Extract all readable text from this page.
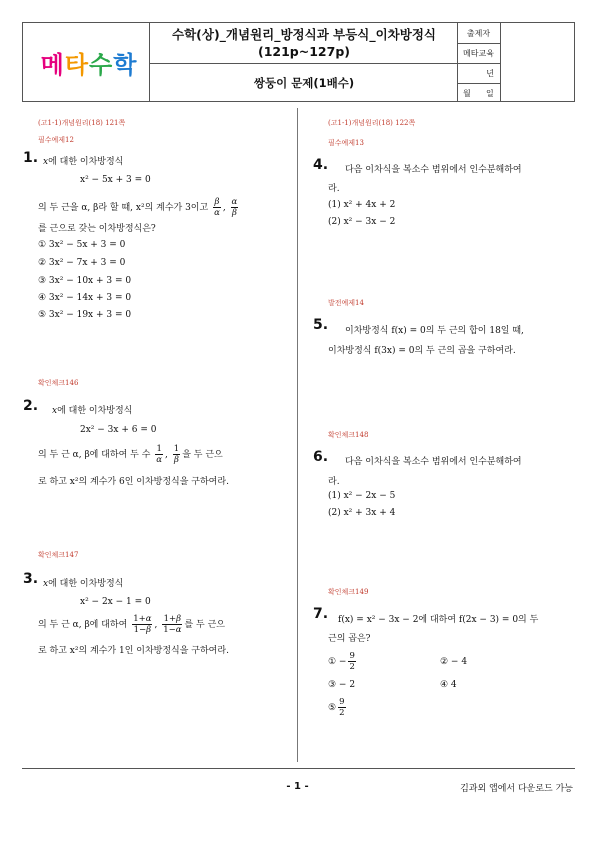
메 타 수 학
수학(상)_개념원리_방정식과 부등식_이차방정식
(121p~127p)
쌍둥이 문제(1배수)
출제자
메타교육
년
월 일
(고1-1)개념원리(18) 121쪽
필수예제12
1. x에 대한 이차방정식
x² − 5x + 3 = 0
의 두 근을 α, β라 할 때, x²의 계수가 3이고 $\frac{\beta}{\alpha}$ , $\frac{\alpha}{\beta}$
를 근으로 갖는 이차방정식은?
① 3x² − 5x + 3 = 0
② 3x² − 7x + 3 = 0
③ 3x² − 10x + 3 = 0
④ 3x² − 14x + 3 = 0
⑤ 3x² − 19x + 3 = 0
확인체크146
2. x에 대한 이차방정식
2x² − 3x + 6 = 0
의 두 근 α, β에 대하여 두 수 $\frac{1}{\alpha}$ , $\frac{1}{\beta}$ 을 두 근으
로 하고 x²의 계수가 6인 이차방정식을 구하여라.
확인체크147
3. x에 대한 이차방정식
x² − 2x − 1 = 0
의 두 근 α, β에 대하여 $\frac{1+\alpha}{1-\beta}$ , $\frac{1+\beta}{1-\alpha}$ 를 두 근으
로 하고 x²의 계수가 1인 이차방정식을 구하여라.
(고1-1)개념원리(18) 122쪽
필수예제13
4. 다음 이차식을 복소수 범위에서 인수분해하여
라.
(1) x² + 4x + 2
(2) x² − 3x − 2
발전예제14
5. 이차방정식 f(x) = 0의 두 근의 합이 18일 때,
이차방정식 f(3x) = 0의 두 근의 곱을 구하여라.
확인체크148
6. 다음 이차식을 복소수 범위에서 인수분해하여
라.
(1) x² − 2x − 5
(2) x² + 3x + 4
확인체크149
7. f(x) = x² − 3x − 2에 대하여 f(2x − 3) = 0의 두
근의 곱은?
① − $\frac{9}{2}$	② − 4
③ − 2	④ 4
⑤ $\frac{9}{2}$
- 1 -	김과외 앱에서 다운로드 가능
